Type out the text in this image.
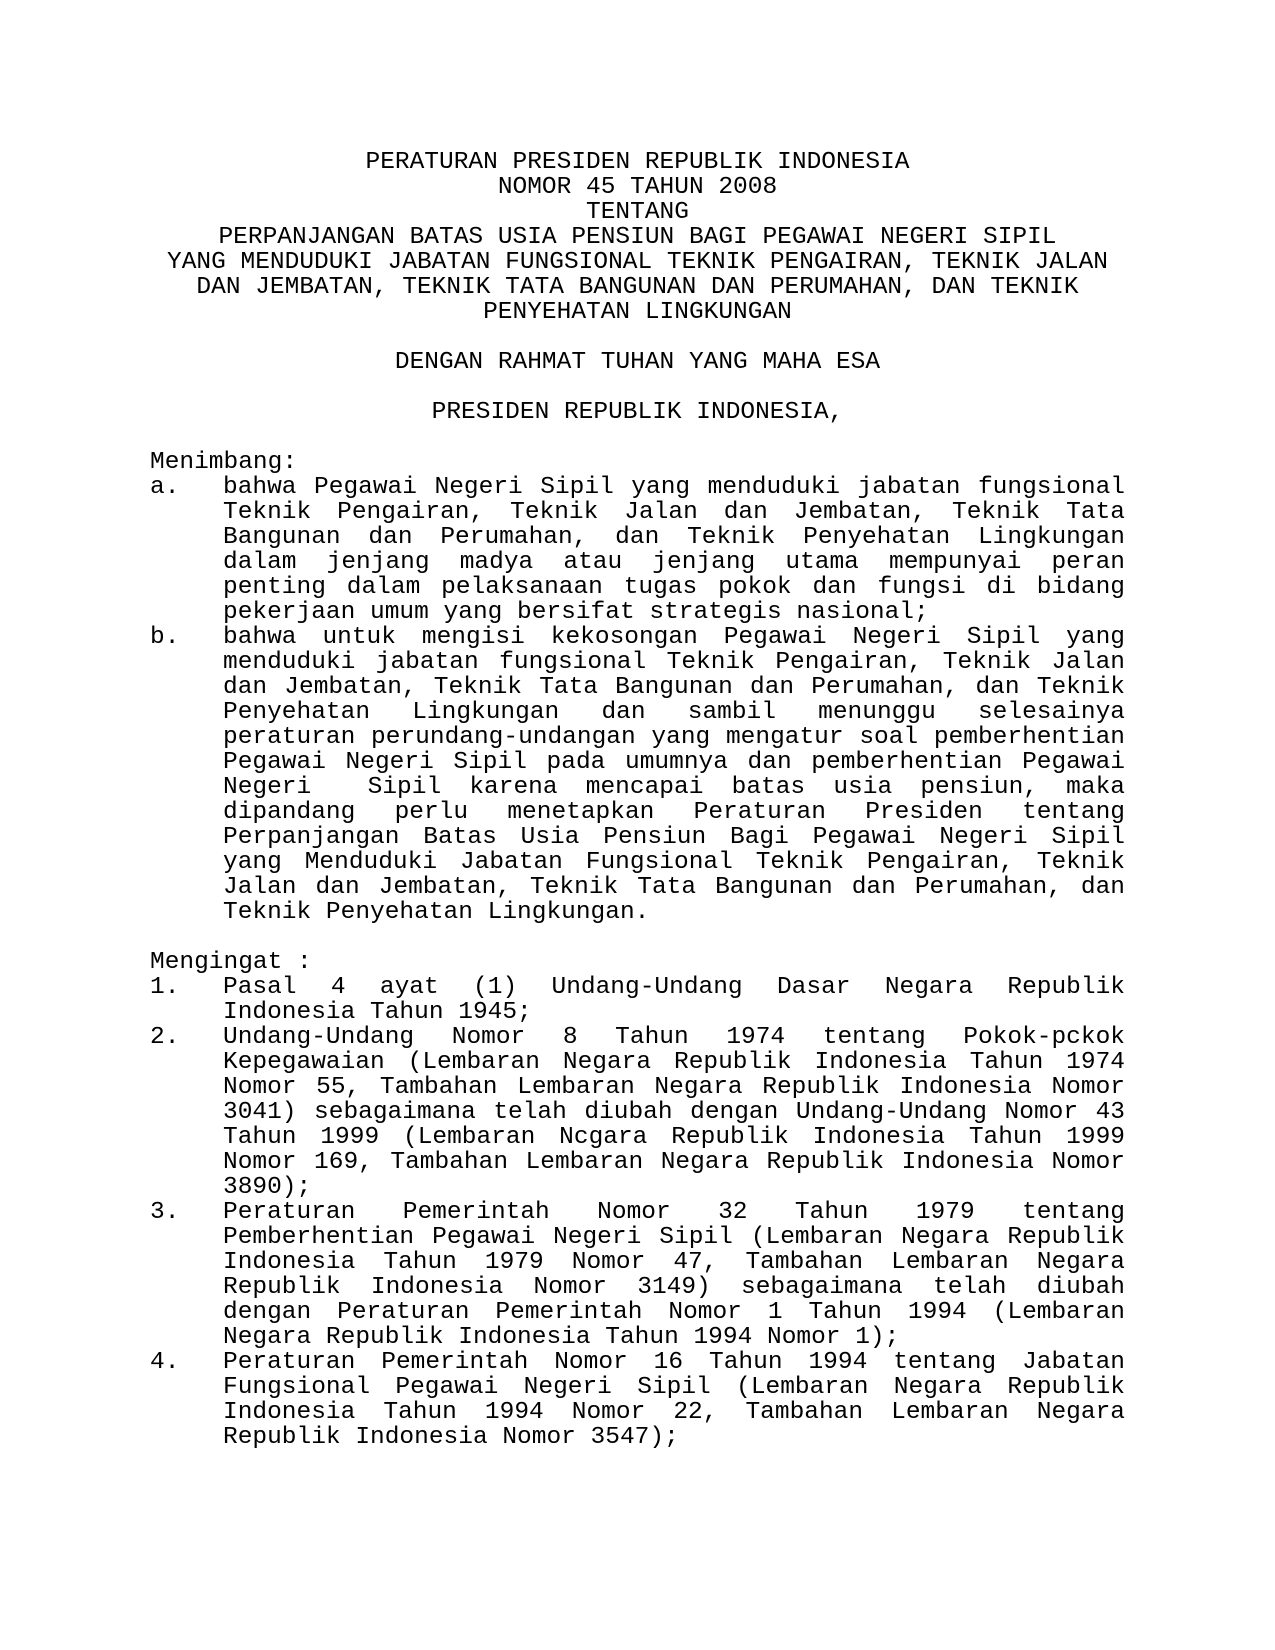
PERATURAN PRESIDEN REPUBLIK INDONESIA
NOMOR 45 TAHUN 2008
TENTANG
PERPANJANGAN BATAS USIA PENSIUN BAGI PEGAWAI NEGERI SIPIL
YANG MENDUDUKI JABATAN FUNGSIONAL TEKNIK PENGAIRAN, TEKNIK JALAN
DAN JEMBATAN, TEKNIK TATA BANGUNAN DAN PERUMAHAN, DAN TEKNIK
PENYEHATAN LINGKUNGAN
DENGAN RAHMAT TUHAN YANG MAHA ESA
PRESIDEN REPUBLIK INDONESIA,
Menimbang:
a.	bahwa Pegawai Negeri Sipil yang menduduki jabatan fungsional
Teknik Pengairan, Teknik Jalan dan Jembatan, Teknik Tata
Bangunan dan Perumahan, dan Teknik Penyehatan Lingkungan
dalam jenjang madya atau jenjang utama mempunyai peran
penting dalam pelaksanaan tugas pokok dan fungsi di bidang
pekerjaan umum yang bersifat strategis nasional;
b.	bahwa untuk mengisi kekosongan Pegawai Negeri Sipil yang
menduduki jabatan fungsional Teknik Pengairan, Teknik Jalan
dan Jembatan, Teknik Tata Bangunan dan Perumahan, dan Teknik
Penyehatan Lingkungan dan sambil menunggu selesainya
peraturan perundang-undangan yang mengatur soal pemberhentian
Pegawai Negeri Sipil pada umumnya dan pemberhentian Pegawai
Negeri  Sipil karena mencapai batas usia pensiun, maka
dipandang perlu menetapkan Peraturan Presiden tentang
Perpanjangan Batas Usia Pensiun Bagi Pegawai Negeri Sipil
yang Menduduki Jabatan Fungsional Teknik Pengairan, Teknik
Jalan dan Jembatan, Teknik Tata Bangunan dan Perumahan, dan
Teknik Penyehatan Lingkungan.
Mengingat :
1.	Pasal 4 ayat (1) Undang-Undang Dasar Negara Republik
Indonesia Tahun 1945;
2.	Undang-Undang Nomor 8 Tahun 1974 tentang Pokok-pckok
Kepegawaian (Lembaran Negara Republik Indonesia Tahun 1974
Nomor 55, Tambahan Lembaran Negara Republik Indonesia Nomor
3041) sebagaimana telah diubah dengan Undang-Undang Nomor 43
Tahun 1999 (Lembaran Ncgara Republik Indonesia Tahun 1999
Nomor 169, Tambahan Lembaran Negara Republik Indonesia Nomor
3890);
3.	Peraturan Pemerintah Nomor 32 Tahun 1979 tentang
Pemberhentian Pegawai Negeri Sipil (Lembaran Negara Republik
Indonesia Tahun 1979 Nomor 47, Tambahan Lembaran Negara
Republik Indonesia Nomor 3149) sebagaimana telah diubah
dengan Peraturan Pemerintah Nomor 1 Tahun 1994 (Lembaran
Negara Republik Indonesia Tahun 1994 Nomor 1);
4.	Peraturan Pemerintah Nomor 16 Tahun 1994 tentang Jabatan
Fungsional Pegawai Negeri Sipil (Lembaran Negara Republik
Indonesia Tahun 1994 Nomor 22, Tambahan Lembaran Negara
Republik Indonesia Nomor 3547);
